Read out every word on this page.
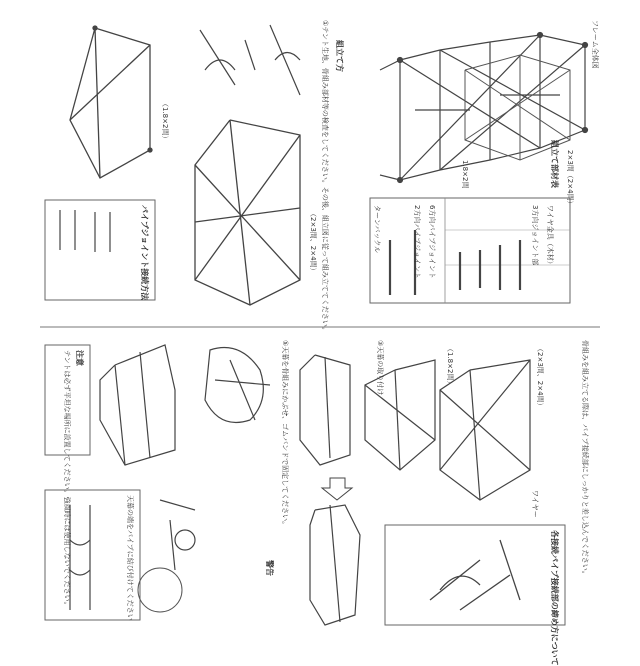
フレーム全体図
1.8×2間	2×3間（2×4間）
組立て部材表
ワイヤ金具（木材）
3方向ジョイント部
6方向パイプジョイント
2方向パイプジョイント
ターンバックル
組立て方
①テント生地、骨組み部材等の検査をしてください。その後、組立図に従って組み立ててください。
（1.8×2間）
（2×3間、2×4間）
パイプジョイント接続方法
骨組みを組み立てる際は、パイプ接続部にしっかりと差し込んでください。
（2×3間、2×4間）
（1.8×2間）
ワイヤー
③天幕の取り付け
各接続パイプ接続部の締め方について
注意
テントは必ず平坦な場所に設置してください。強風時には使用しないでください。	⑤天幕を骨組みにかぶせ、ゴムバンドで固定してください。
警告
天幕の端をパイプに結び付けてください
